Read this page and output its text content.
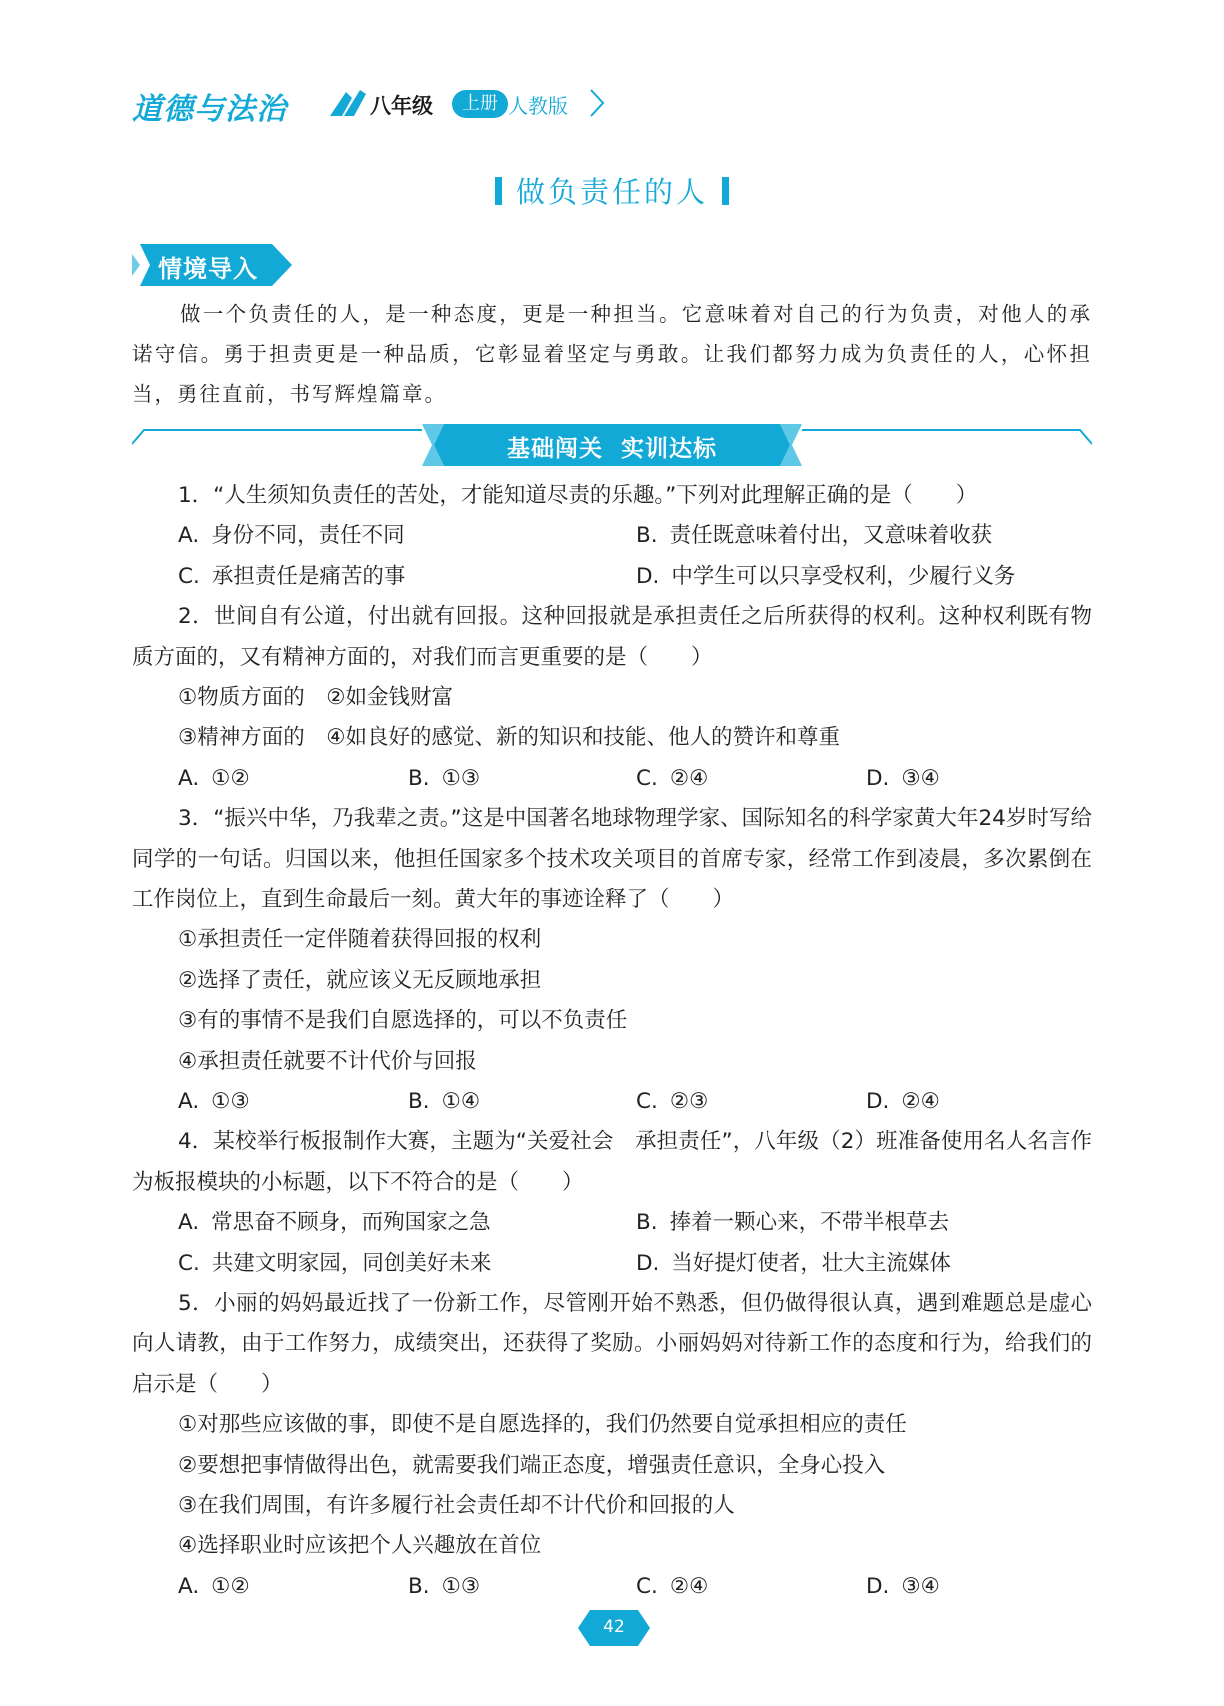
道德与法治	八年级	上册 人教版
做负责任的人
情境导入
做一个负责任的人，是一种态度，更是一种担当。它意味着对自己的行为负责，对他人的承诺守信。勇于担责更是一种品质，它彰显着坚定与勇敢。让我们都努力成为负责任的人，心怀担当，勇往直前，书写辉煌篇章。
基础闯关  实训达标
1．“人生须知负责任的苦处，才能知道尽责的乐趣。”下列对此理解正确的是（　　）
A. 身份不同，责任不同	B. 责任既意味着付出，又意味着收获
C. 承担责任是痛苦的事	D. 中学生可以只享受权利，少履行义务
2．世间自有公道，付出就有回报。这种回报就是承担责任之后所获得的权利。这种权利既有物质方面的，又有精神方面的，对我们而言更重要的是（　　）
①物质方面的　②如金钱财富
③精神方面的　④如良好的感觉、新的知识和技能、他人的赞许和尊重
A. ①②	B. ①③	C. ②④	D. ③④
3．“振兴中华，乃我辈之责。”这是中国著名地球物理学家、国际知名的科学家黄大年24岁时写给同学的一句话。归国以来，他担任国家多个技术攻关项目的首席专家，经常工作到凌晨，多次累倒在工作岗位上，直到生命最后一刻。黄大年的事迹诠释了（　　）
①承担责任一定伴随着获得回报的权利
②选择了责任，就应该义无反顾地承担
③有的事情不是我们自愿选择的，可以不负责任
④承担责任就要不计代价与回报
A. ①③	B. ①④	C. ②③	D. ②④
4．某校举行板报制作大赛，主题为“关爱社会　承担责任”，八年级（2）班准备使用名人名言作为板报模块的小标题，以下不符合的是（　　）
A. 常思奋不顾身，而殉国家之急	B. 捧着一颗心来，不带半根草去
C. 共建文明家园，同创美好未来	D. 当好提灯使者，壮大主流媒体
5．小丽的妈妈最近找了一份新工作，尽管刚开始不熟悉，但仍做得很认真，遇到难题总是虚心向人请教，由于工作努力，成绩突出，还获得了奖励。小丽妈妈对待新工作的态度和行为，给我们的启示是（　　）
①对那些应该做的事，即使不是自愿选择的，我们仍然要自觉承担相应的责任
②要想把事情做得出色，就需要我们端正态度，增强责任意识，全身心投入
③在我们周围，有许多履行社会责任却不计代价和回报的人
④选择职业时应该把个人兴趣放在首位
A. ①②	B. ①③	C. ②④	D. ③④
42
